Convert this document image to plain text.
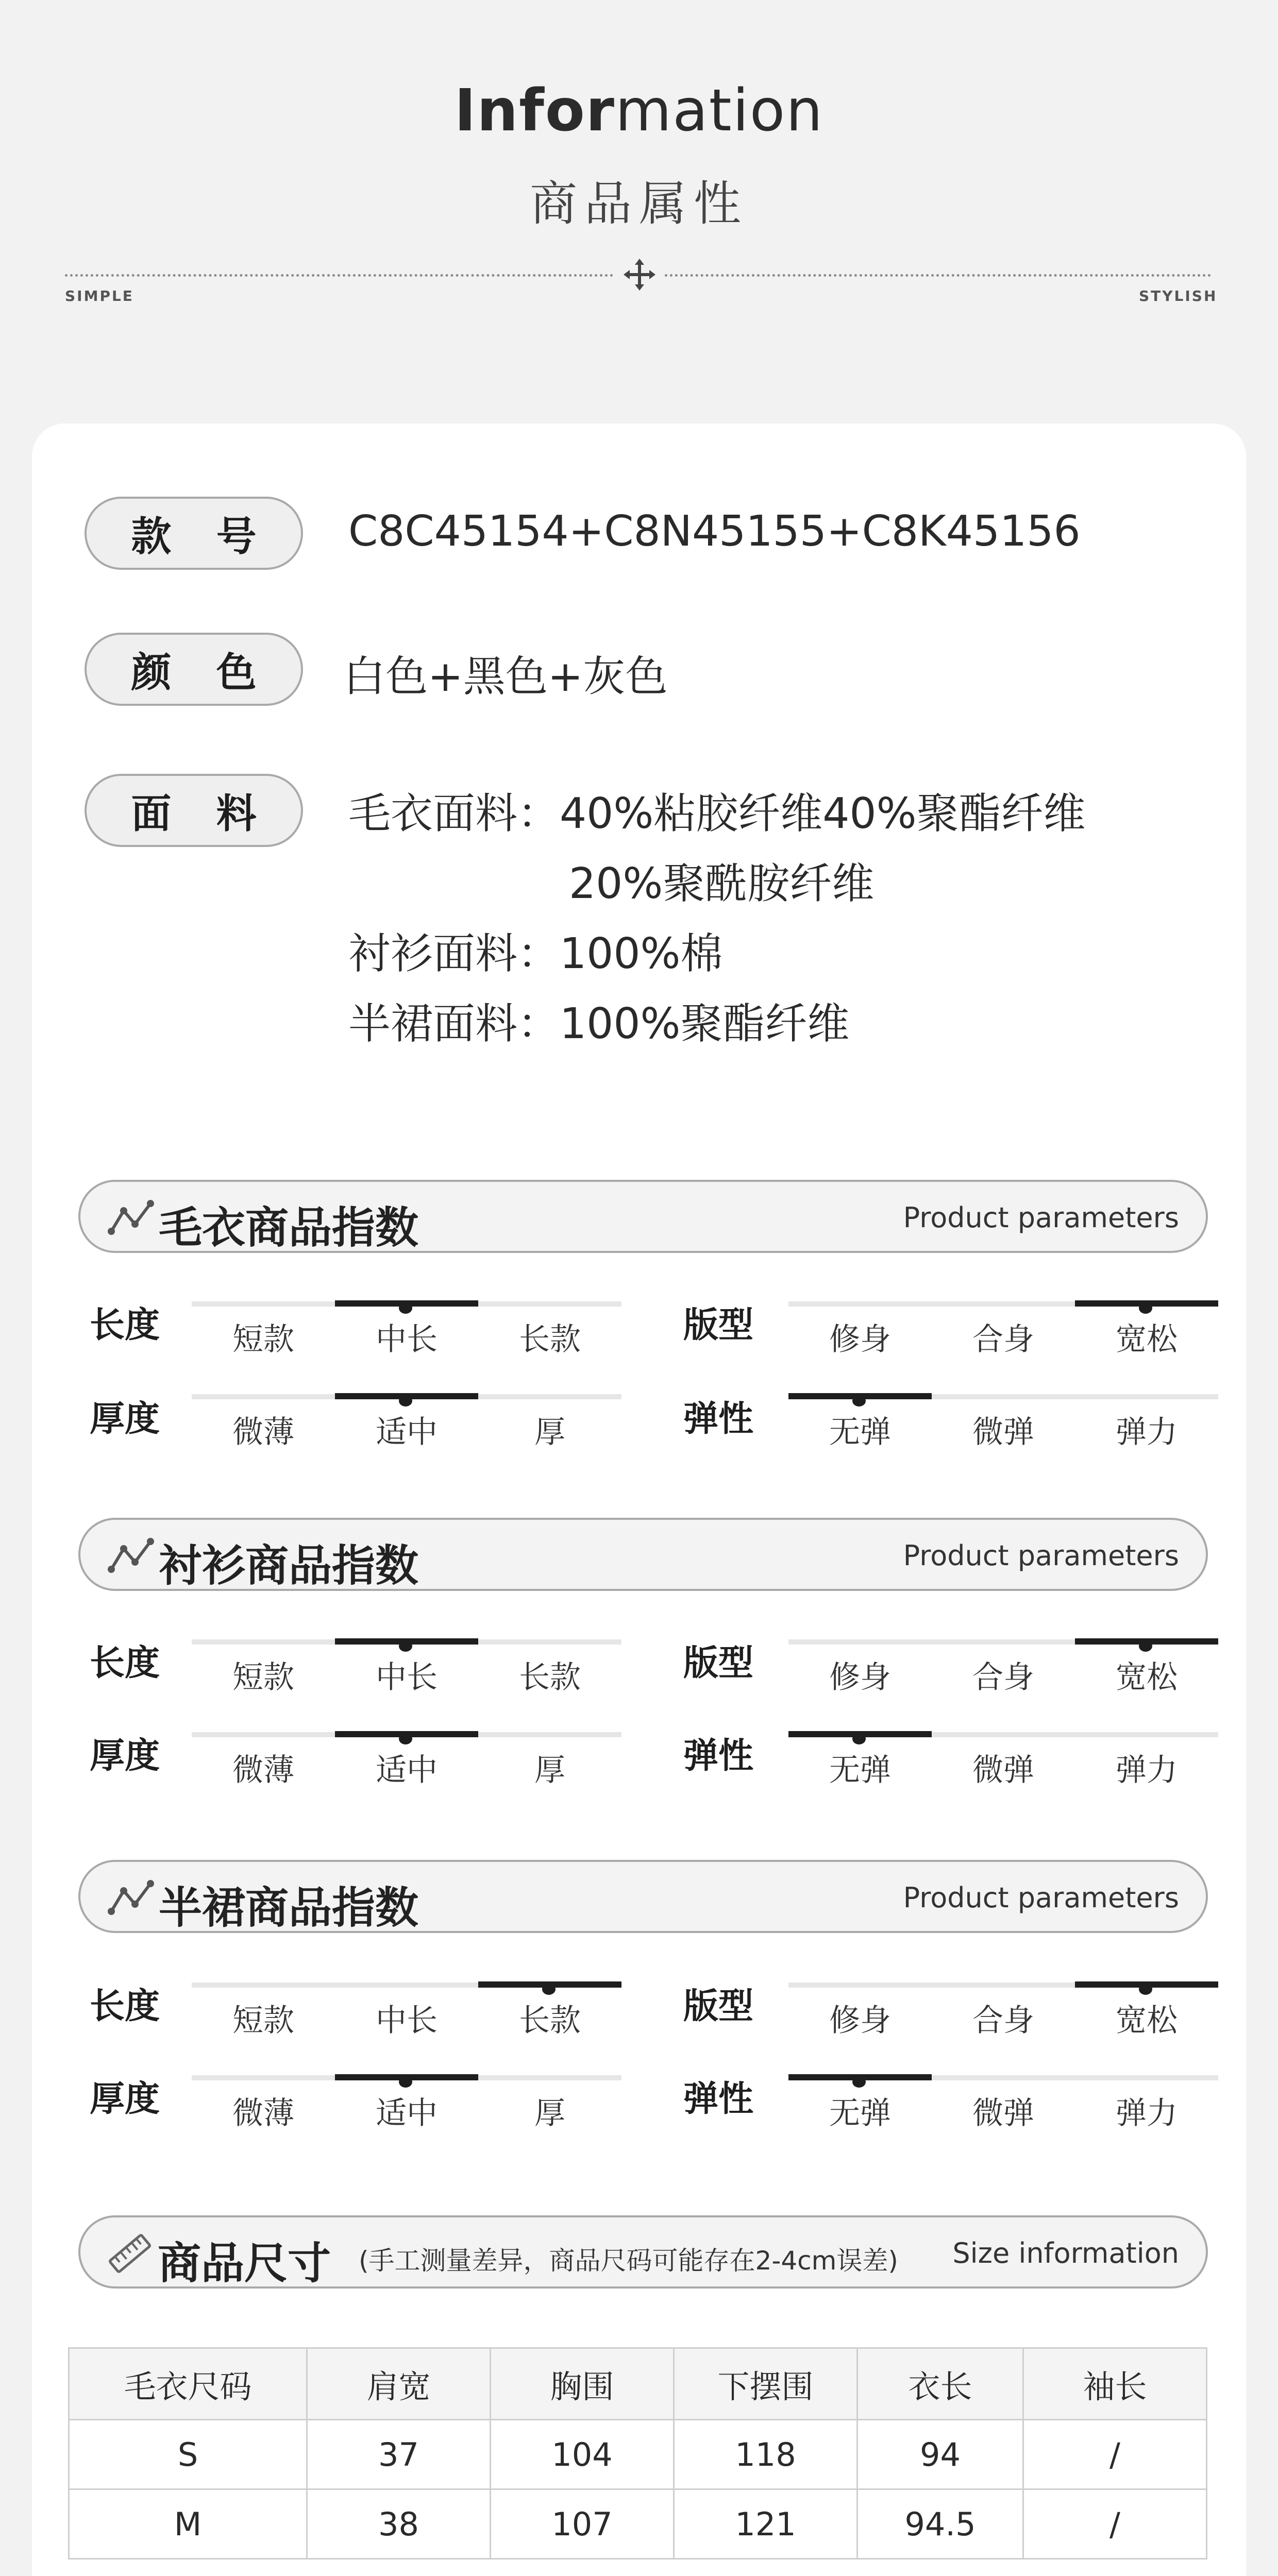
Information
商品属性
SIMPLE	STYLISH
款 号	C8C45154+C8N45155+C8K45156
颜 色	白色+黑色+灰色
面 料	毛衣面料：40%粘胶纤维40%聚酯纤维
20%聚酰胺纤维
衬衫面料：100%棉
半裙面料：100%聚酯纤维
毛衣商品指数	Product parameters
长度	短款	中长	长款	版型	修身	合身	宽松
厚度	微薄	适中	厚	弹性	无弹	微弹	弹力
衬衫商品指数	Product parameters
长度	短款	中长	长款	版型	修身	合身	宽松
厚度	微薄	适中	厚	弹性	无弹	微弹	弹力
半裙商品指数	Product parameters
长度	短款	中长	长款	版型	修身	合身	宽松
厚度	微薄	适中	厚	弹性	无弹	微弹	弹力
商品尺寸 (手工测量差异，商品尺码可能存在2-4cm误差) Size information
毛衣尺码	肩宽	胸围	下摆围	衣长	袖长
S	37	104	118	94	/
M	38	107	121	94.5	/
